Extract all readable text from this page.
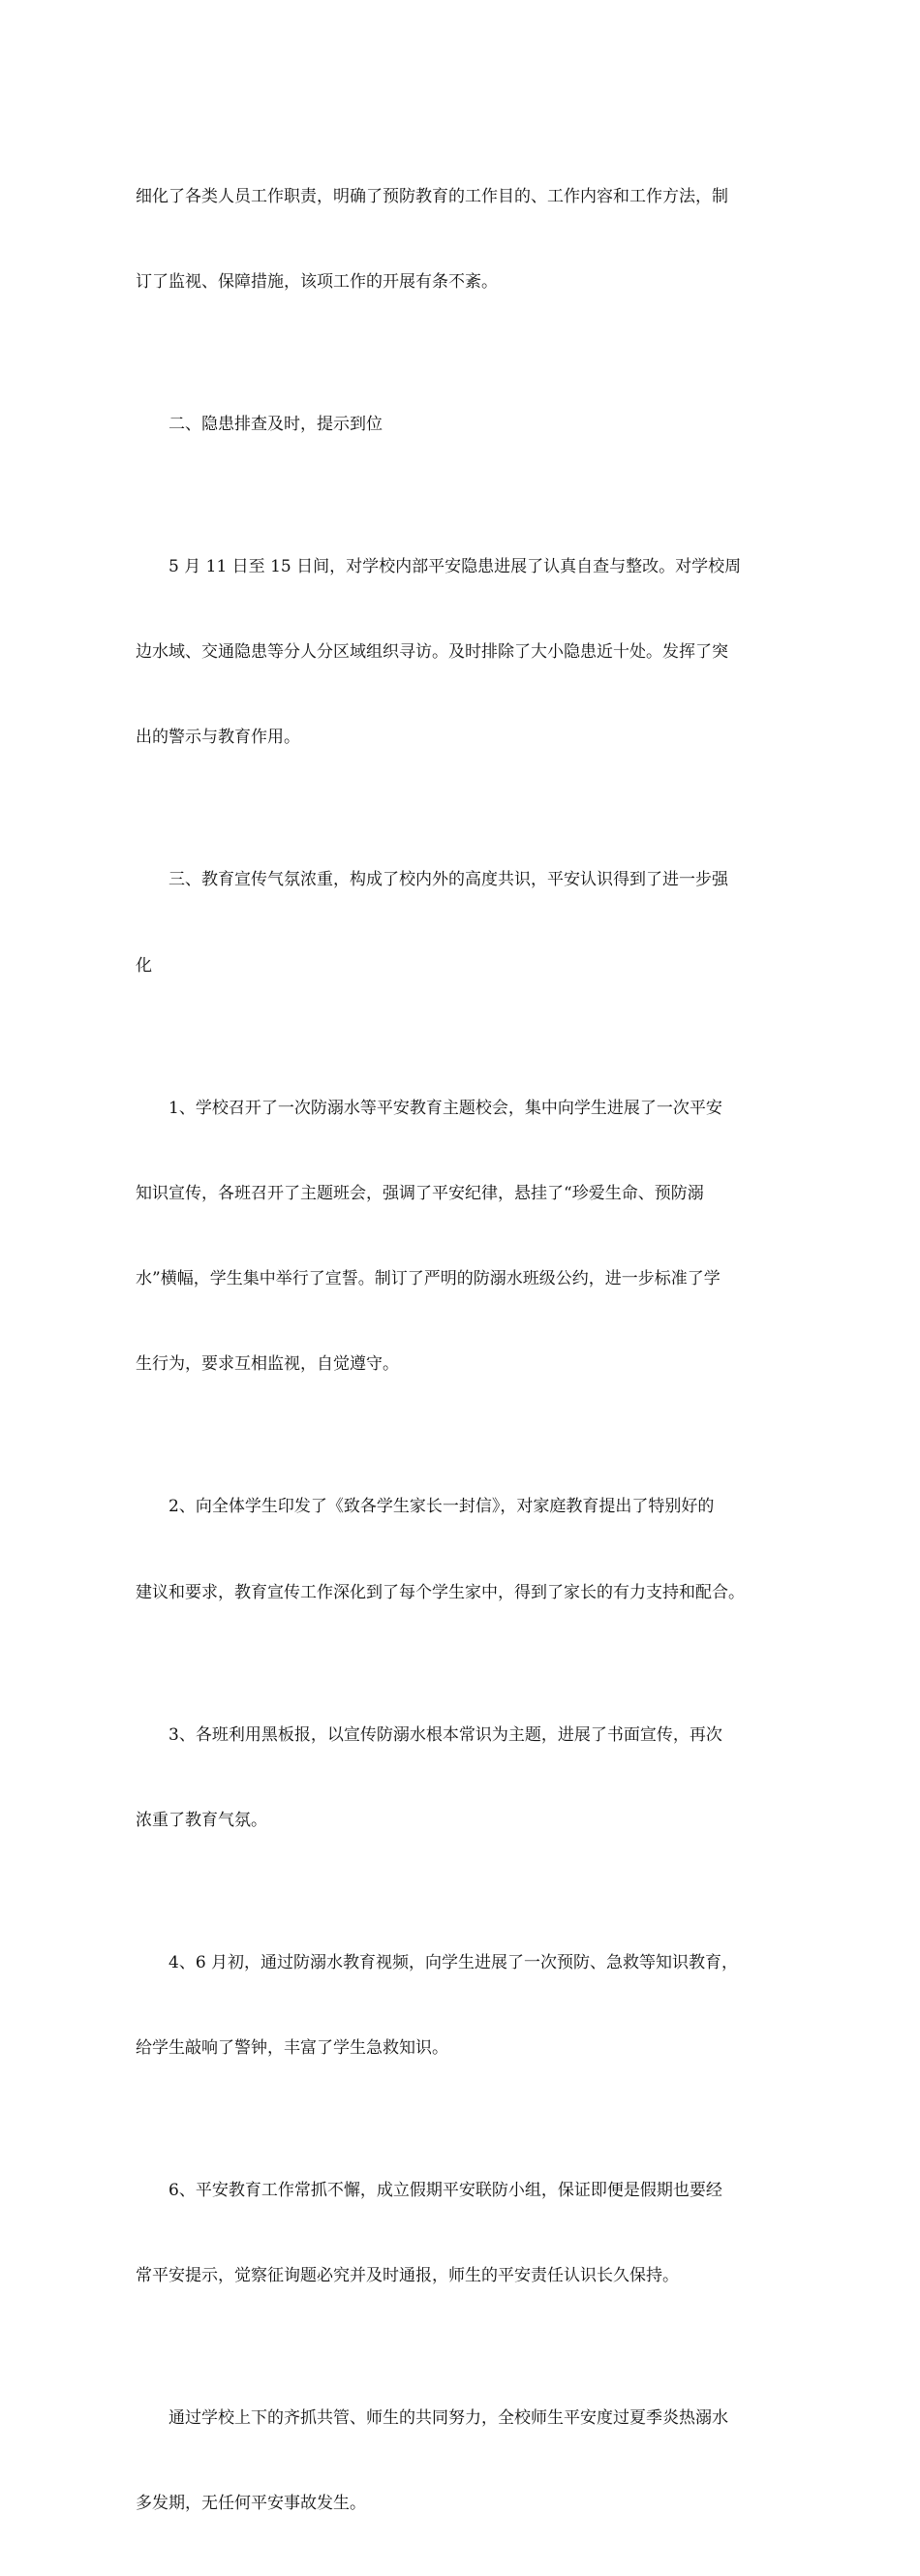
细化了各类人员工作职责，明确了预防教育的工作目的、工作内容和工作方法，制

订了监视、保障措施，该项工作的开展有条不紊。

二、隐患排查及时，提示到位

5 月 11 日至 15 日间，对学校内部平安隐患进展了认真自查与整改。对学校周

边水域、交通隐患等分人分区域组织寻访。及时排除了大小隐患近十处。发挥了突

出的警示与教育作用。

三、教育宣传气氛浓重，构成了校内外的高度共识，平安认识得到了进一步强

化

1、学校召开了一次防溺水等平安教育主题校会，集中向学生进展了一次平安

知识宣传，各班召开了主题班会，强调了平安纪律，悬挂了“珍爱生命、预防溺

水”横幅，学生集中举行了宣誓。制订了严明的防溺水班级公约，进一步标准了学

生行为，要求互相监视，自觉遵守。

2、向全体学生印发了《致各学生家长一封信》，对家庭教育提出了特别好的

建议和要求，教育宣传工作深化到了每个学生家中，得到了家长的有力支持和配合。

3、各班利用黑板报，以宣传防溺水根本常识为主题，进展了书面宣传，再次

浓重了教育气氛。

4、6 月初，通过防溺水教育视频，向学生进展了一次预防、急救等知识教育，

给学生敲响了警钟，丰富了学生急救知识。

6、平安教育工作常抓不懈，成立假期平安联防小组，保证即便是假期也要经

常平安提示，觉察征询题必究并及时通报，师生的平安责任认识长久保持。

通过学校上下的齐抓共管、师生的共同努力，全校师生平安度过夏季炎热溺水

多发期，无任何平安事故发生。
